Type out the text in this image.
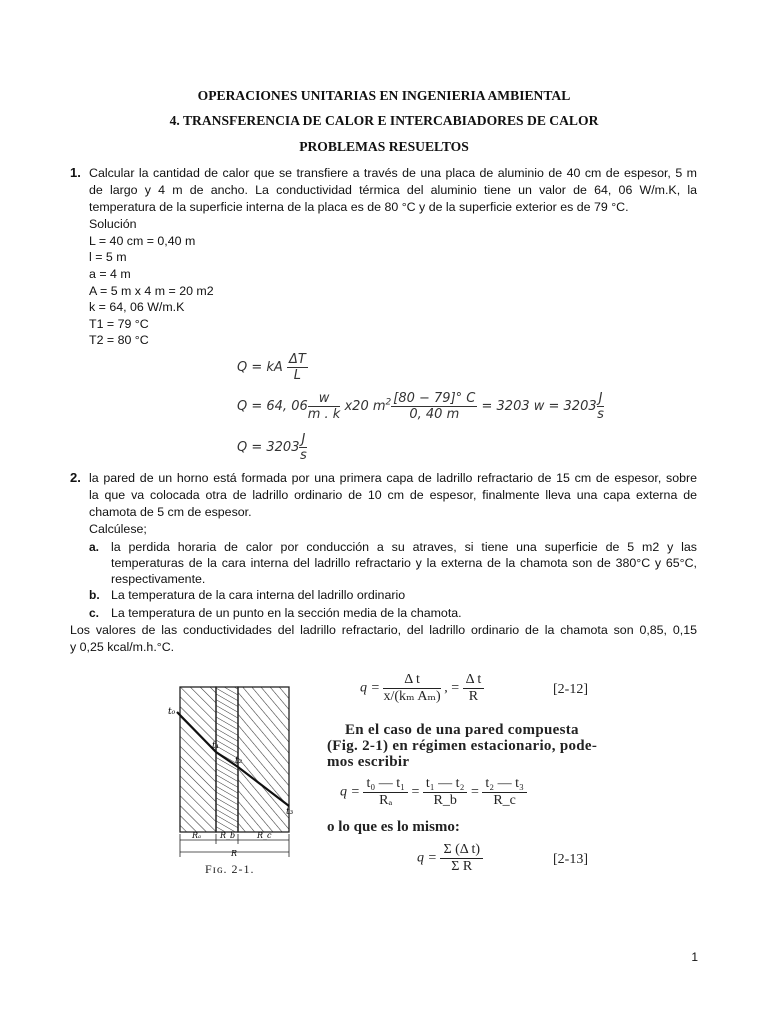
OPERACIONES UNITARIAS EN INGENIERIA AMBIENTAL
4. TRANSFERENCIA DE CALOR E INTERCABIADORES DE CALOR
PROBLEMAS RESUELTOS
1. Calcular la cantidad de calor que se transfiere a través de una placa de aluminio de 40 cm de espesor, 5 m
de largo y 4 m de ancho. La conductividad térmica del aluminio tiene un valor de 64, 06 W/m.K, la
temperatura de la superficie interna de la placa es de 80 °C y de la superficie exterior es de 79 °C.
Solución
L = 40 cm = 0,40 m
l = 5 m
a = 4 m
A = 5 m x 4 m = 20 m2
k = 64, 06 W/m.K
T1 = 79 °C
T2 = 80 °C
Q = kA $\frac{\Delta T}{L}$
Q = 64, $06 \frac{w}{m . k} x20$ $m^2 \frac{[80 - 79]^\circ C}{0, 40 m} = 3203$ $w = 3203 \frac{J}{s}$
$Q = 3203 \frac{J}{s}$
2. la pared de un horno está formada por una primera capa de ladrillo refractario de 15 cm de espesor, sobre
la que va colocada otra de ladrillo ordinario de 10 cm de espesor, finalmente lleva una capa externa de
chamota de 5 cm de espesor.
Calcúlese;
a. la perdida horaria de calor por conducción a su atraves, si tiene una superficie de 5 m2 y las
temperaturas de la cara interna del ladrillo refractario y la externa de la chamota son de 380°C y 65°C,
respectivamente.
b. La temperatura de la cara interna del ladrillo ordinario
c. La temperatura de un punto en la sección media de la chamota.
Los valores de las conductividades del ladrillo refractario, del ladrillo ordinario de la chamota son 0,85, 0,15
y 0,25 kcal/m.h.°C.
t₀
t₁
t₂
t₃
Rₐ R_b	R_c
R
Fɪɢ. 2-1.
$q = \frac{\text{Δ t}}{\text{x/(kₘ Aₘ)}}$ , = $\frac{\text{Δ t}}{R}$	[2-12]
En el caso de una pared compuesta
(Fig. 2-1) en régimen estacionario, pode-
mos escribir
$q = \frac{\text{t₀ — t₁}}{\text{Rₐ}} = \frac{\text{t₁ — t₂}}{R\_b} = \frac{\text{t₂ — t₃}}{R\_c}$
o lo que es lo mismo:
$q = \frac{\text{Σ (Δ t)}}{\text{Σ R}}$	[2-13]
1
